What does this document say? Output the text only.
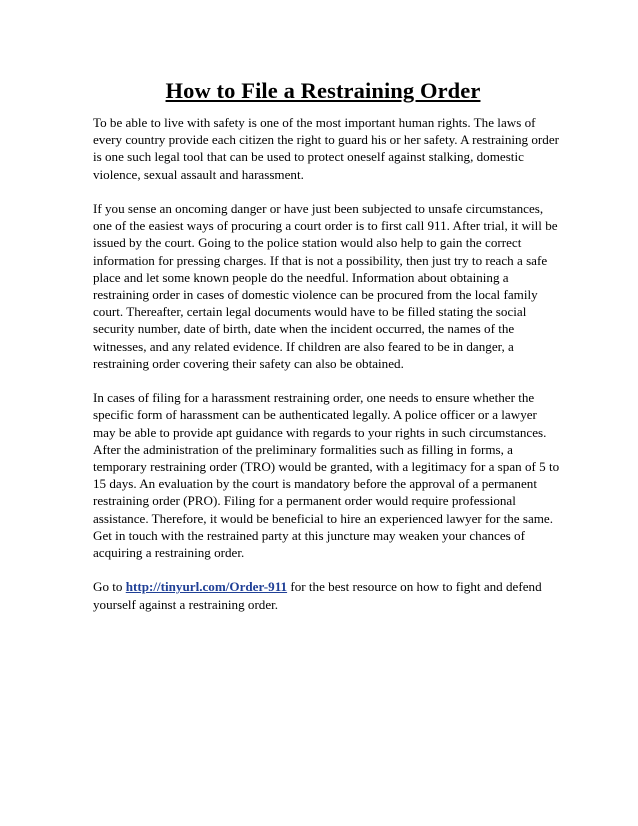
How to File a Restraining Order

To be able to live with safety is one of the most important human rights. The laws of
every country provide each citizen the right to guard his or her safety. A restraining order
is one such legal tool that can be used to protect oneself against stalking, domestic
violence, sexual assault and harassment.

If you sense an oncoming danger or have just been subjected to unsafe circumstances,
one of the easiest ways of procuring a court order is to first call 911. After trial, it will be
issued by the court. Going to the police station would also help to gain the correct
information for pressing charges. If that is not a possibility, then just try to reach a safe
place and let some known people do the needful. Information about obtaining a
restraining order in cases of domestic violence can be procured from the local family
court. Thereafter, certain legal documents would have to be filled stating the social
security number, date of birth, date when the incident occurred, the names of the
witnesses, and any related evidence. If children are also feared to be in danger, a
restraining order covering their safety can also be obtained.

In cases of filing for a harassment restraining order, one needs to ensure whether the
specific form of harassment can be authenticated legally. A police officer or a lawyer
may be able to provide apt guidance with regards to your rights in such circumstances.
After the administration of the preliminary formalities such as filling in forms, a
temporary restraining order (TRO) would be granted, with a legitimacy for a span of 5 to
15 days. An evaluation by the court is mandatory before the approval of a permanent
restraining order (PRO). Filing for a permanent order would require professional
assistance. Therefore, it would be beneficial to hire an experienced lawyer for the same.
Get in touch with the restrained party at this juncture may weaken your chances of
acquiring a restraining order.

Go to http://tinyurl.com/Order-911 for the best resource on how to fight and defend
yourself against a restraining order.
